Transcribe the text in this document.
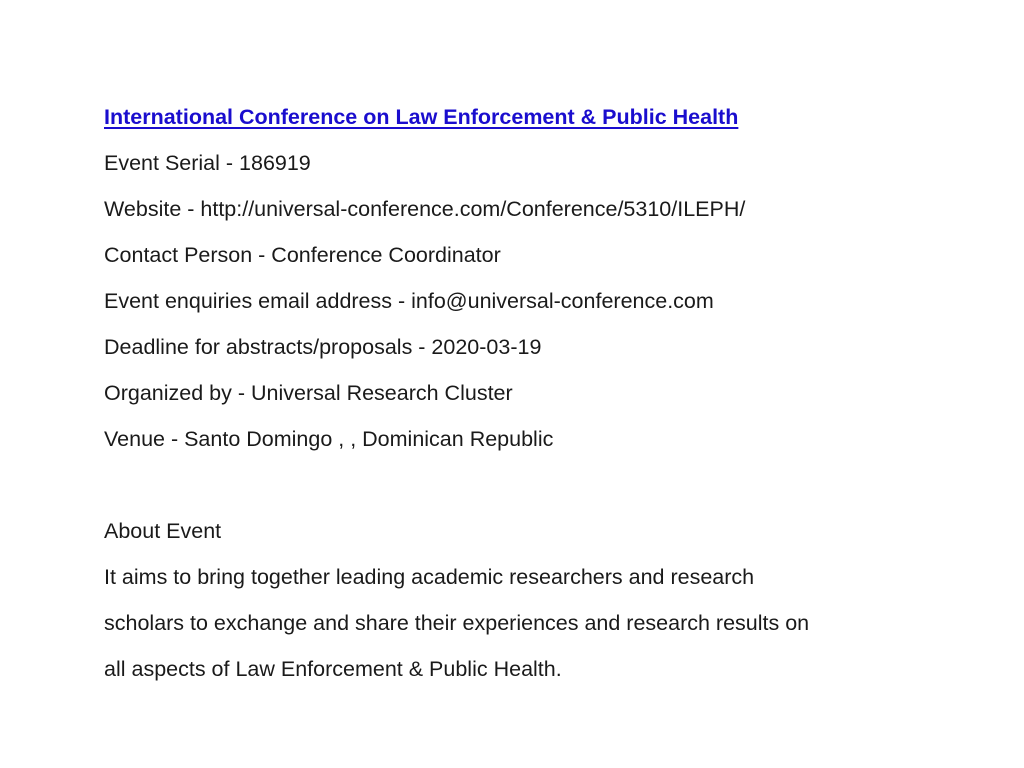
International Conference on Law Enforcement & Public Health
Event Serial - 186919
Website - http://universal-conference.com/Conference/5310/ILEPH/
Contact Person - Conference Coordinator
Event enquiries email address - info@universal-conference.com
Deadline for abstracts/proposals - 2020-03-19
Organized by - Universal Research Cluster
Venue - Santo Domingo , , Dominican Republic
About Event
It aims to bring together leading academic researchers and research
scholars to exchange and share their experiences and research results on
all aspects of Law Enforcement & Public Health.
